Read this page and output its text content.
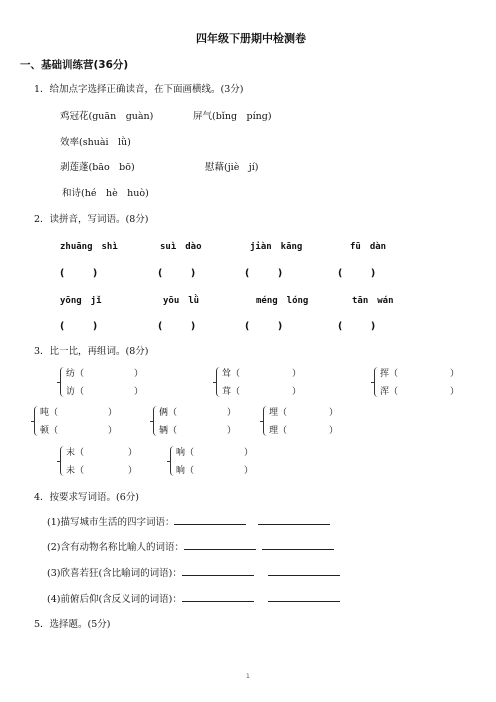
四年级下册期中检测卷
一、基础训练营(36分)
1．给加点字选择正确读音，在下面画横线。(3分)
鸡冠花(guān　guàn)	屏气(bǐng　píng)
效率(shuài　lǜ)
剥莲蓬(bāo　bō)	慰藉(jiè　jí)
和诗(hé　hè　huò)
2．读拼音，写词语。(8分)
zhuāng　shì	suì　dào	jiàn　kāng	fū　dàn
(　　　)	(　　　)	(　　　)	(　　　)
yōng　jǐ	yōu　lǜ	méng　lóng	tān　wán
(　　　)	(　　　)	(　　　)	(　　　)
3．比一比，再组词。(8分)
纺（	）
访（	）
耸（	）
茸（	）
挥（	）
浑（	）
吨（	）
顿（	）
俩（	）
辆（	）
埋（	）
理（	）
末（	）
未（	）
响（	）
晌（	）
4．按要求写词语。(6分)
(1)描写城市生活的四字词语：
(2)含有动物名称比喻人的词语：
(3)欣喜若狂(含比喻词的词语)：
(4)前俯后仰(含反义词的词语)：
5．选择题。(5分)
1
